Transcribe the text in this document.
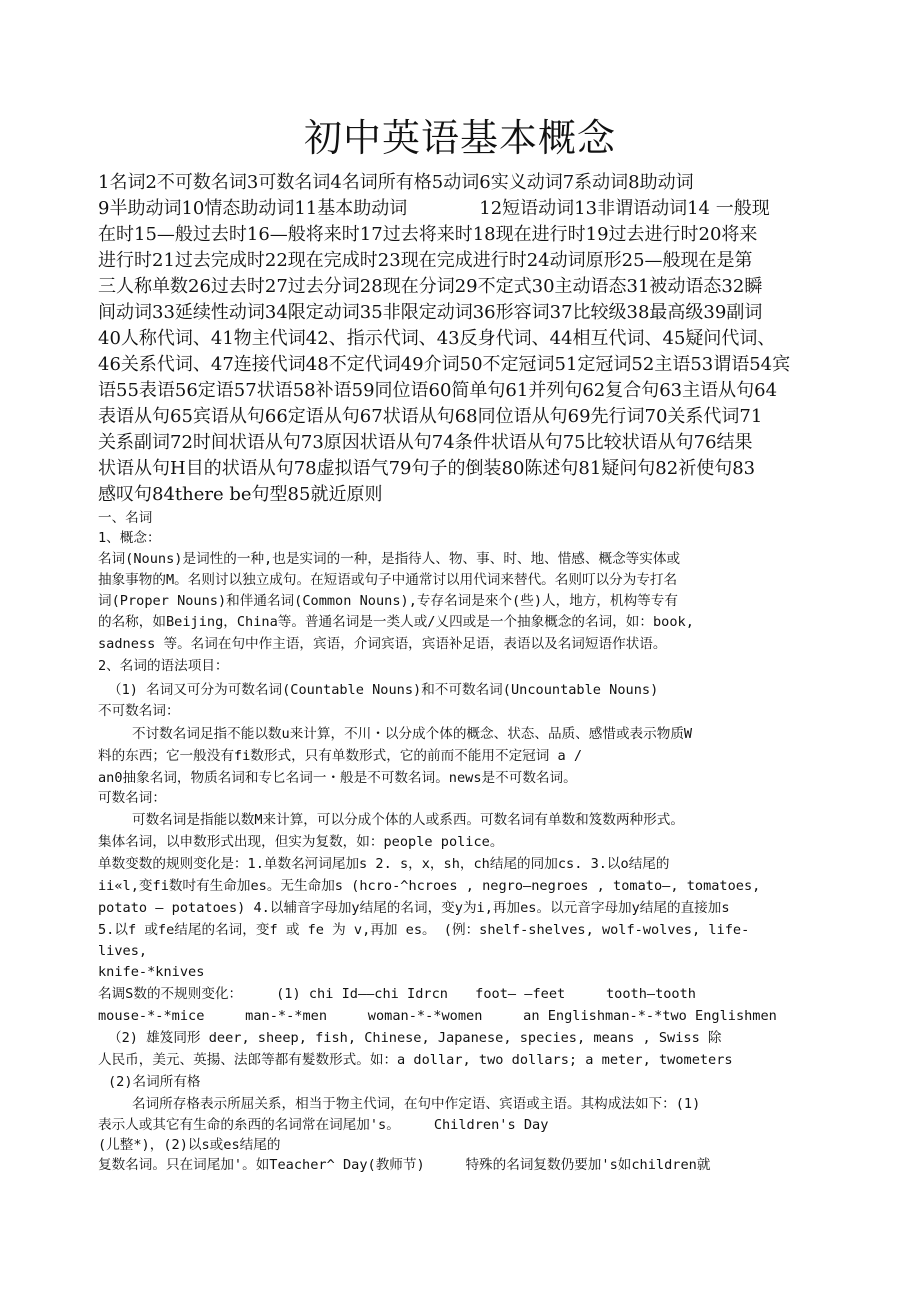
初中英语基本概念
1名词2不可数名词3可数名词4名词所有格5动词6实义动词7系动词8助动词
9半助动词10情态助动词11基本助动词　　　　12短语动词13非谓语动词14 一般现
在时15—般过去时16—般将来时17过去将来时18现在进行时19过去进行时20将来
进行时21过去完成时22现在完成时23现在完成进行时24动词原形25—般现在是第
三人称单数26过去时27过去分词28现在分词29不定式30主动语态31被动语态32瞬
间动词33延续性动词34限定动词35非限定动词36形容词37比较级38最高级39副词
40人称代词、41物主代词42、指示代词、43反身代词、44相互代词、45疑问代词、
46关系代词、47连接代词48不定代词49介词50不定冠词51定冠词52主语53谓语54宾
语55表语56定语57状语58补语59同位语60简单句61并列句62复合句63主语从句64
表语从句65宾语从句66定语从句67状语从句68同位语从句69先行词70关系代词71
关系副词72时间状语从句73原因状语从句74条件状语从句75比较状语从句76结果
状语从句H目的状语从句78虚拟语气79句子的倒装80陈述句81疑问句82祈使句83
感叹句84there be句型85就近原则
一、名词
1、概念：
名词(Nouns)是词性的一种,也是实词的一种，是指待人、物、事、时、地、惜感、概念等实体或
抽象事物的M。名则讨以独立成句。在短语或句子中通常讨以用代词来替代。名则叮以分为专打名
词(Proper Nouns)和伴通名词(Common Nouns),专存名词是來个(些)人，地方，机构等专有
的名称，如Beijing，China等。普通名词是一类人或/乂四或是一个抽象概念的名词，如：book,
sadness 等。名词在句中作主语，宾语，介词宾语，宾语补足语，表语以及名词短语作状语。
2、名词的语法项目：
（1) 名词又可分为可数名词(Countable Nouns)和不可数名词(Uncountable Nouns)
不可数名词：
不讨数名词足指不能以数u来计算，不川・以分成个体的概念、状态、品质、感惜或表示物质W
料的东西；它一般没有fi数形式，只有单数形式，它的前而不能用不定冠词 a /
an0抽象名词，物质名词和专匕名词一・般是不可数名词。news是不可数名词。
可数名词：
可数名词是指能以数M来计算，可以分成个体的人或系西。可数名词有单数和笈数两种形式。
集体名词，以申数形式出现，但实为复数，如：people police。
单数变数的规则变化是：1.单数名河词尾加s 2. s，x，sh，ch结尾的同加cs. 3.以o结尾的
ii«l,变fi数吋有生命加es。无生命加s (hcro-^hcroes , negro—negroes , tomato—, tomatoes,
potato — potatoes) 4.以辅音字母加y结尾的名词，变y为i,再加es。以元音字母加y结尾的直接加s
5.以f 或fe结尾的名词，变f 或 fe 为 v,再加 es。 (例：shelf-shelves, wolf-wolves, life-
lives,
knife-*knives
名调S数的不规则变化：　　　(1) chi Id——chi Idrcn　　foot— —feet　　　tooth—tooth
mouse-*-*mice　　　man-*-*men　　　woman-*-*women　　　an Englishman-*-*two Englishmen
（2) 雄笈同形 deer, sheep, fish, Chinese, Japanese, species, means , Swiss 除
人民币，美元、英揚、法郎等都有髮数形式。如：a dollar, two dollars; a meter, twometers
(2)名词所有格
名词所存格表示所屈关系，相当于物主代词，在句中作定语、宾语或主语。其构成法如下：(1)
表示人或其它有生命的糸西的名词常在词尾加's。　　　Children's Day
(儿整*)，(2)以s或es结尾的
复数名词。只在词尾加'。如Teacher^ Day(教师节)　　　特殊的名词复数仍要加's如children就
